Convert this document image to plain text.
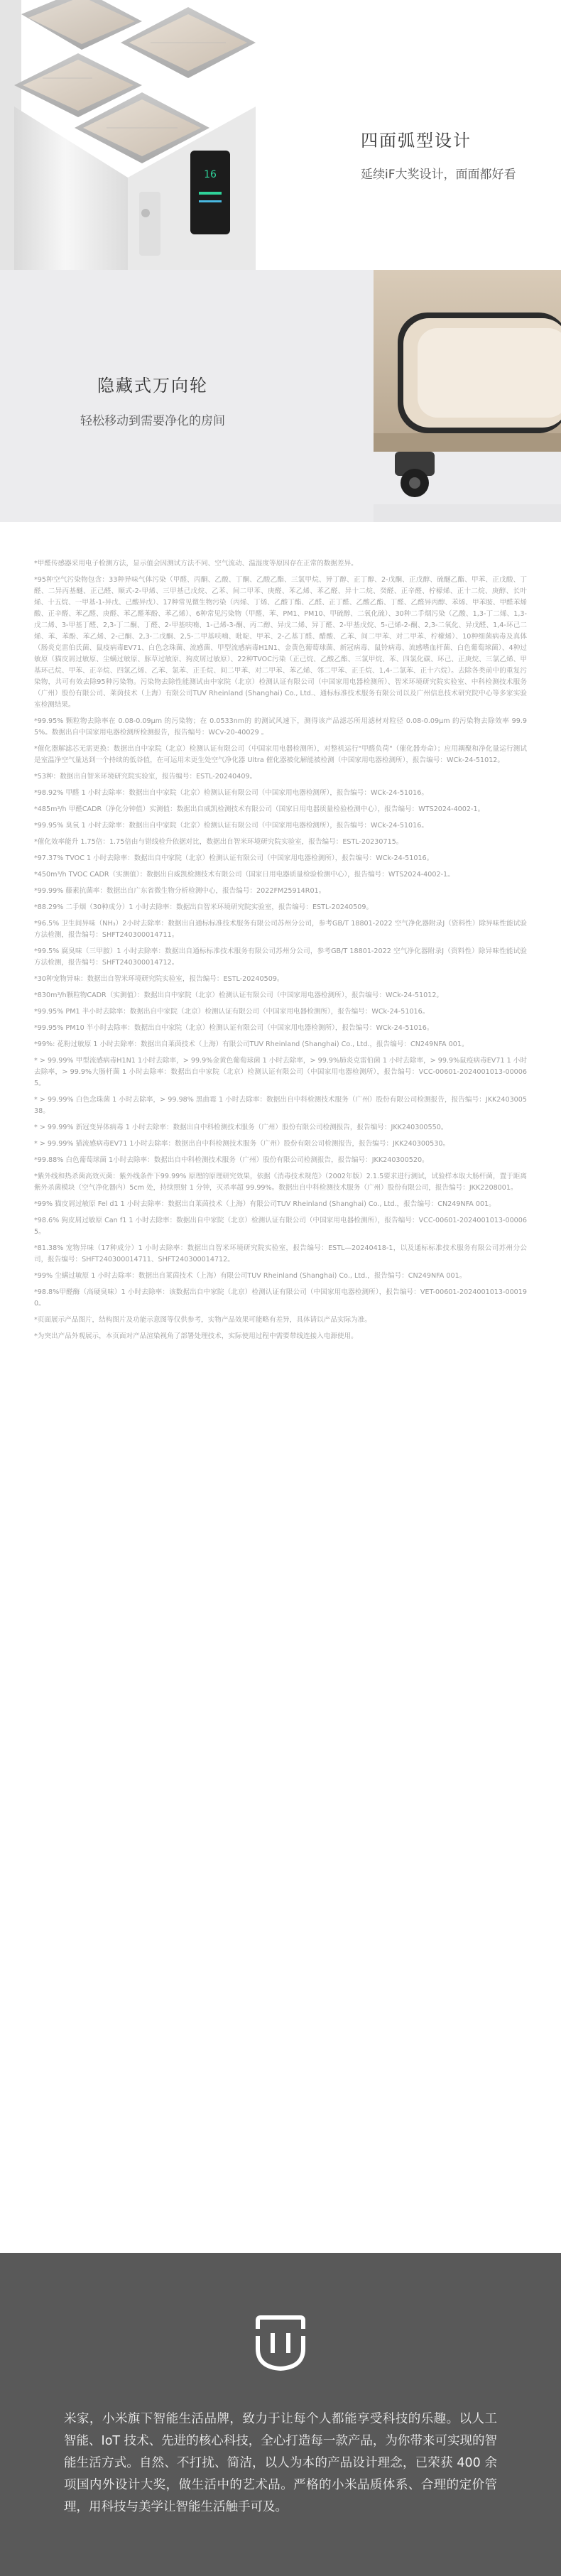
16
四面弧型设计

延续iF大奖设计，面面都好看

隐藏式万向轮

轻松移动到需要净化的房间

*甲醛传感器采用电子检测方法，显示值会因测试方法不同、空气流动、温湿度等原因存在正常的数据差异。

*95种空气污染物包含：33种异味气体污染（甲醛、丙酮、乙酸、丁酮、乙酸乙酯、三氯甲烷、异丁醇、正丁醇、2-戊酮、正戊醇、硫醚乙酯、甲苯、正戊酸、丁醛、二异丙基醚、正己醛、顺式-2-甲烯、三甲基己戊烷、乙苯、间二甲苯、庚醛、苯乙烯、苯乙醛、异十二烷、癸醛、正辛醛、柠檬烯、正十二烷、庚醇、长叶烯、十五烷、一甲基-1-异戊、己酸异戊）、17种常见微生物污染（丙烯、丁烯、乙酸丁酯、乙醛、正丁醛、乙酸乙酯、丁醛、乙醛异丙醇、苯烯、甲苯胺、甲醛苯烯酸、正辛醛、苯乙醛、庚醛、苯乙醛苯酚、苯乙烯）、6种常见污染物（甲醛、苯、PM1、PM10、甲硫醇、二氧化硫）、30种二手烟污染（乙酸、1,3-丁二烯、1,3-戊二烯、3-甲基丁醛、2,3-丁二酮、丁醛、2-甲基呋喃、1-己烯-3-酮、丙二醇、异戊二烯、异丁醛、2-甲基戊烷、5-己烯-2-酮、2,3-二氧化、异戊醛、1,4-环己二烯、苯、苯酚、苯乙烯、2-己酮、2,3-二戊酮、2,5-二甲基呋喃、吡啶、甲苯、2-乙基丁醛、醋酸、乙苯、间二甲苯、对二甲苯、柠檬烯）、10种细菌病毒及真体（肠炎克雷伯氏菌、鼠疫病毒EV71、白色念珠菌、流感菌、甲型流感病毒H1N1、金黄色葡萄球菌、新冠病毒、鼠铃病毒、流感嗜血杆菌、白色葡萄球菌）、4种过敏原（猫皮屑过敏原、尘螨过敏原、豚草过敏原、狗皮屑过敏原）、22种TVOC污染（正己烷、乙酸乙酯、三氯甲烷、苯、四氯化碳、环己、正庚烷、三氯乙烯、甲基环己烷、甲苯、正辛烷、四氯乙烯、乙苯、氯苯、正壬烷、间二甲苯、对二甲苯、苯乙烯、邻二甲苯、正壬烷、1,4-二氯苯、正十六烷）。去除各类前中的重复污染物，共可有效去除95种污染物。污染物去除性能测试由中家院（北京）检测认证有限公司（中国家用电器检测所）、智米环境研究院实验室、中科检测技术服务（广州）股份有限公司、莱茵技术（上海）有限公司TUV Rheinland (Shanghai) Co., Ltd.、通标标准技术服务有限公司以及广州信息技术研究院中心等多家实验室检测结果。

*99.95% 颗粒物去除率在 0.08-0.09μm 的污染物；在 0.0533nm的 的测试风速下，测得该产品滤芯所用滤材对粒径 0.08-0.09μm 的污染物去除效率 99.95%。数据出自中国家用电器检测所检测报告，报告编号：WCv-20-40029 。

*催化器解滤芯无需更换：数据出自中家院（北京）检测认证有限公司（中国家用电器检测所），对整机运行"甲醛负荷"（催化器寿命）；应用耦聚和净化量运行测试是室温净空气量达到一个持续的低谷值，在可运用未更生处空气净化器 Ultra 催化器被化解能被检测（中国家用电器检测所），报告编号：WCk-24-51012。

*53种：数据出自智米环境研究院实验室，报告编号：ESTL-20240409。

*98.92% 甲醛 1 小时去除率：数据出自中家院（北京）检测认证有限公司（中国家用电器检测所），报告编号：WCk-24-51016。

*485m³/h 甲醛CADR（净化分钟值）实测值：数据出自威凯检测技术有限公司（国家日用电器质量检验检测中心），报告编号：WTS2024-4002-1。

*99.95% 臭氧 1 小时去除率：数据出自中家院（北京）检测认证有限公司（中国家用电器检测所），报告编号：WCk-24-51016。

*催化效率能升 1.75倍：1.75倍由与错线检升依据对比，数据出自智米环境研究院实验室，报告编号：ESTL-20230715。

*97.37% TVOC 1 小时去除率：数据出自中家院（北京）检测认证有限公司（中国家用电器检测所），报告编号：WCk-24-51016。

*450m³/h TVOC CADR（实测值）：数据出自威凯检测技术有限公司（国家日用电器质量检验检测中心），报告编号：WTS2024-4002-1。

*99.99% 藤素抗菌率：数据出自广东省微生物分析检测中心，报告编号：2022FM25914R01。

*88.29% 二手烟（30种成分）1 小时去除率：数据出自智米环境研究院实验室，报告编号：ESTL-20240509。

*96.5% 卫生间异味（NH₃）2小时去除率：数据出自通标标准技术服务有限公司苏州分公司，参考GB/T 18801-2022 空气净化器附录J（资料性）除异味性能试验方法检测，报告编号：SHFT240300014711。

*99.5% 腐臭味（三甲胺）1 小时去除率：数据出自通标标准技术服务有限公司苏州分公司，参考GB/T 18801-2022 空气净化器附录J（资料性）除异味性能试验方法检测，报告编号：SHFT240300014712。

*30种宠物异味：数据出自智米环境研究院实验室，报告编号：ESTL-20240509。

*830m³/h颗粒物CADR（实测值）：数据出自中家院（北京）检测认证有限公司（中国家用电器检测所），报告编号：WCk-24-51012。

*99.95% PM1 半小时去除率：数据出自中家院（北京）检测认证有限公司（中国家用电器检测所），报告编号：WCk-24-51016。

*99.95% PM10 半小时去除率：数据出自中家院（北京）检测认证有限公司（中国家用电器检测所），报告编号：WCk-24-51016。

*99%: 花粉过敏原 1 小时去除率：数据出自莱茵技术（上海）有限公司TUV Rheinland (Shanghai) Co., Ltd.，报告编号：CN249NFA 001。

* > 99.99% 甲型流感病毒H1N1 1小时去除率，> 99.9%金黄色葡萄球菌 1 小时去除率，> 99.9%肺炎克雷伯菌 1 小时去除率，> 99.9%鼠疫病毒EV71 1 小时去除率，> 99.9%大肠杆菌 1 小时去除率：数据出自中家院（北京）检测认证有限公司（中国家用电器检测所），报告编号：VCC-00601-2024001013-000065。

* > 99.99% 白色念珠菌 1 小时去除率，> 99.98% 黑曲霉 1 小时去除率：数据出自中科检测技术服务（广州）股份有限公司检测报告，报告编号：JKK240300538。

* > 99.99% 新冠变异体病毒 1 小时去除率：数据出自中科检测技术服务（广州）股份有限公司检测报告，报告编号：JKK240300550。

* > 99.99% 猫流感病毒EV71 1小时去除率：数据出自中科检测技术服务（广州）股份有限公司检测报告，报告编号：JKK240300530。

*99.88% 白色葡萄球菌 1小时去除率：数据出自中科检测技术服务（广州）股份有限公司检测报告，报告编号：JKK240300520。

*紫外线和热杀菌高效灭菌：紫外线条件下99.99% 原理的原理研究效果，依据《消毒技术规范》（2002年版）2.1.5要求进行测试，试验样本取大肠杆菌，置于距离紫外杀菌模块（空气净化器内）5cm 处，持续照射 1 分钟，灭杀率超 99.99%。数据出自中科检测技术服务（广州）股份有限公司，报告编号：JKK2208001。

*99% 猫皮屑过敏原 Fel d1 1 小时去除率：数据出自莱茵技术（上海）有限公司TUV Rheinland (Shanghai) Co., Ltd.，报告编号：CN249NFA 001。

*98.6% 狗皮屑过敏原 Can f1 1 小时去除率：数据出自中家院（北京）检测认证有限公司（中国家用电器检测所），报告编号：VCC-00601-2024001013-000065。

*81.38% 宠物异味（17种成分）1 小时去除率：数据出自智米环境研究院实验室，报告编号：ESTL—20240418-1，以及通标标准技术服务有限公司苏州分公司，报告编号：SHFT240300014711、SHFT240300014712。

*99% 尘螨过敏原 1 小时去除率：数据出自莱茵技术（上海）有限公司TUV Rheinland (Shanghai) Co., Ltd.，报告编号：CN249NFA 001。

*98.8%甲醛酶（高硬臭味）1 小时去除率：该数据出自中家院（北京）检测认证有限公司（中国家用电器检测所），报告编号：VET-00601-2024001013-000190。

*页面展示产品图片，结构图片及功能示意图等仅供参考，实物产品效果可能略有差异，具体请以产品实际为准。

*为突出产品外观展示，本页面对产品渲染视角了部署处理技术，实际使用过程中需要带线连接入电源使用。

米家，小米旗下智能生活品牌，致力于让每个人都能享受科技的乐趣。以人工智能、IoT 技术、先进的核心科技，全心打造每一款产品，为你带来可实现的智能生活方式。自然、不打扰、简洁，以人为本的产品设计理念，已荣获 400 余项国内外设计大奖，做生活中的艺术品。严格的小米品质体系、合理的定价管理，用科技与美学让智能生活触手可及。
